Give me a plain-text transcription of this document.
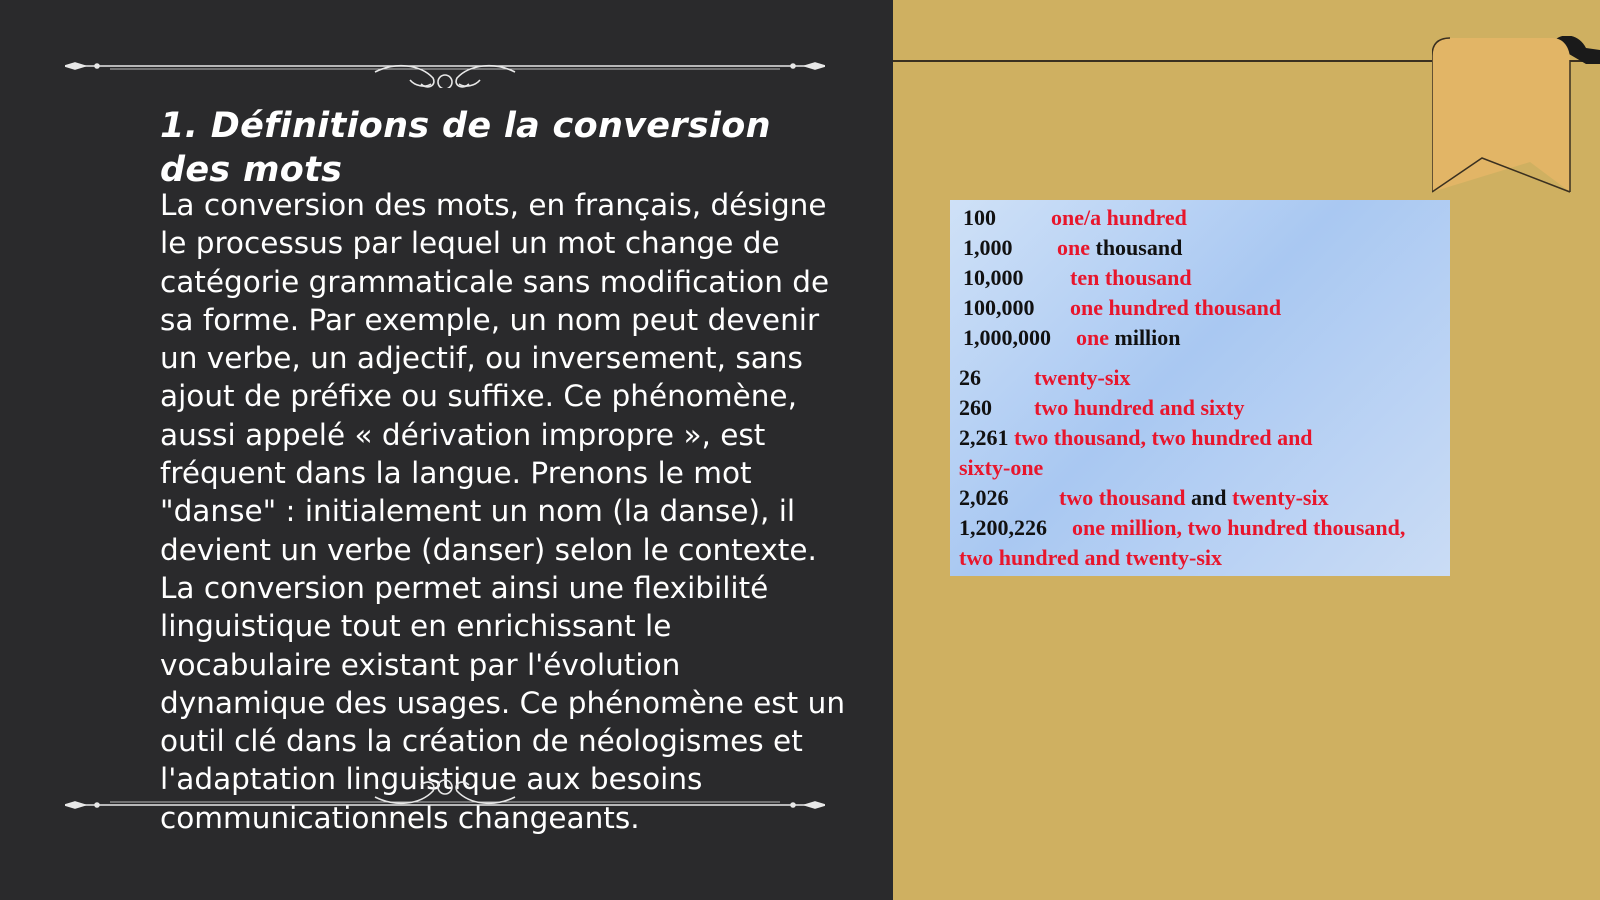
1. Définitions de la conversion des mots

La conversion des mots, en français, désigne le processus par lequel un mot change de catégorie grammaticale sans modification de sa forme. Par exemple, un nom peut devenir un verbe, un adjectif, ou inversement, sans ajout de préfixe ou suffixe. Ce phénomène, aussi appelé « dérivation impropre », est fréquent dans la langue. Prenons le mot "danse" : initialement un nom (la danse), il devient un verbe (danser) selon le contexte. La conversion permet ainsi une flexibilité linguistique tout en enrichissant le vocabulaire existant par l'évolution dynamique des usages. Ce phénomène est un outil clé dans la création de néologismes et l'adaptation linguistique aux besoins communicationnels changeants.

100	one/a hundred
1,000 one thousand
10,000 ten thousand
100,000 one hundred thousand
1,000,000 one million
26 twenty-six
260 two hundred and sixty
2,261 two thousand, two hundred and
sixty-one
2,026 two thousand and twenty-six
1,200,226 one million, two hundred thousand,
two hundred and twenty-six
